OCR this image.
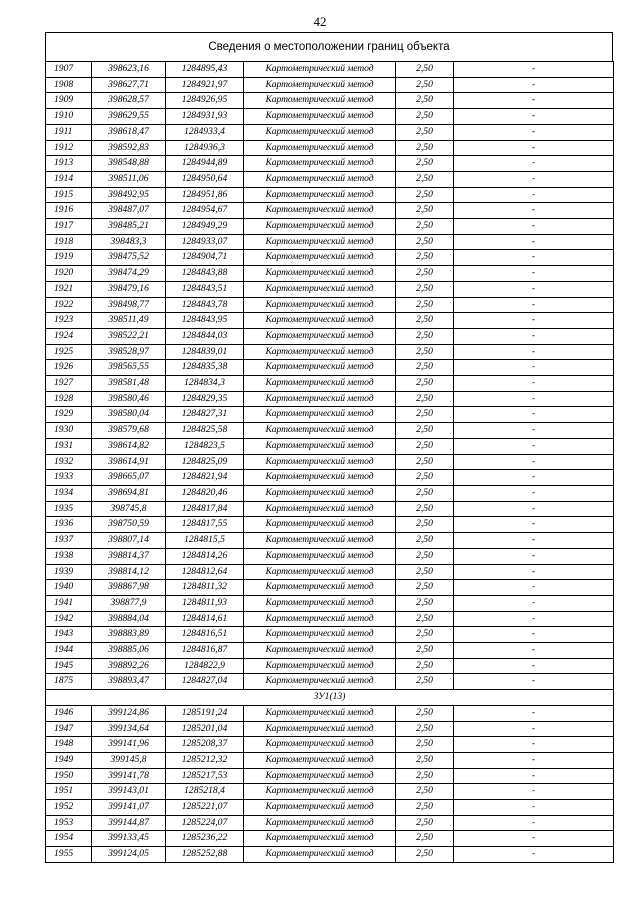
42
Сведения о местоположении границ объекта
1907	398623,16	1284895,43	Картометрический метод	2,50	-
1908	398627,71	1284921,97	Картометрический метод	2,50	-
1909	398628,57	1284926,95	Картометрический метод	2,50	-
1910	398629,55	1284931,93	Картометрический метод	2,50	-
1911	398618,47	1284933,4	Картометрический метод	2,50	-
1912	398592,83	1284936,3	Картометрический метод	2,50	-
1913	398548,88	1284944,89	Картометрический метод	2,50	-
1914	398511,06	1284950,64	Картометрический метод	2,50	-
1915	398492,95	1284951,86	Картометрический метод	2,50	-
1916	398487,07	1284954,67	Картометрический метод	2,50	-
1917	398485,21	1284949,29	Картометрический метод	2,50	-
1918	398483,3	1284933,07	Картометрический метод	2,50	-
1919	398475,52	1284904,71	Картометрический метод	2,50	-
1920	398474,29	1284843,88	Картометрический метод	2,50	-
1921	398479,16	1284843,51	Картометрический метод	2,50	-
1922	398498,77	1284843,78	Картометрический метод	2,50	-
1923	398511,49	1284843,95	Картометрический метод	2,50	-
1924	398522,21	1284844,03	Картометрический метод	2,50	-
1925	398528,97	1284839,01	Картометрический метод	2,50	-
1926	398565,55	1284835,38	Картометрический метод	2,50	-
1927	398581,48	1284834,3	Картометрический метод	2,50	-
1928	398580,46	1284829,35	Картометрический метод	2,50	-
1929	398580,04	1284827,31	Картометрический метод	2,50	-
1930	398579,68	1284825,58	Картометрический метод	2,50	-
1931	398614,82	1284823,5	Картометрический метод	2,50	-
1932	398614,91	1284825,09	Картометрический метод	2,50	-
1933	398665,07	1284821,94	Картометрический метод	2,50	-
1934	398694,81	1284820,46	Картометрический метод	2,50	-
1935	398745,8	1284817,84	Картометрический метод	2,50	-
1936	398750,59	1284817,55	Картометрический метод	2,50	-
1937	398807,14	1284815,5	Картометрический метод	2,50	-
1938	398814,37	1284814,26	Картометрический метод	2,50	-
1939	398814,12	1284812,64	Картометрический метод	2,50	-
1940	398867,98	1284811,32	Картометрический метод	2,50	-
1941	398877,9	1284811,93	Картометрический метод	2,50	-
1942	398884,04	1284814,61	Картометрический метод	2,50	-
1943	398883,89	1284816,51	Картометрический метод	2,50	-
1944	398885,06	1284816,87	Картометрический метод	2,50	-
1945	398892,26	1284822,9	Картометрический метод	2,50	-
1875	398893,47	1284827,04	Картометрический метод	2,50	-
ЗУ1(13)					
1946	399124,86	1285191,24	Картометрический метод	2,50	-
1947	399134,64	1285201,04	Картометрический метод	2,50	-
1948	399141,96	1285208,37	Картометрический метод	2,50	-
1949	399145,8	1285212,32	Картометрический метод	2,50	-
1950	399141,78	1285217,53	Картометрический метод	2,50	-
1951	399143,01	1285218,4	Картометрический метод	2,50	-
1952	399141,07	1285221,07	Картометрический метод	2,50	-
1953	399144,87	1285224,07	Картометрический метод	2,50	-
1954	399133,45	1285236,22	Картометрический метод	2,50	-
1955	399124,05	1285252,88	Картометрический метод	2,50	-
